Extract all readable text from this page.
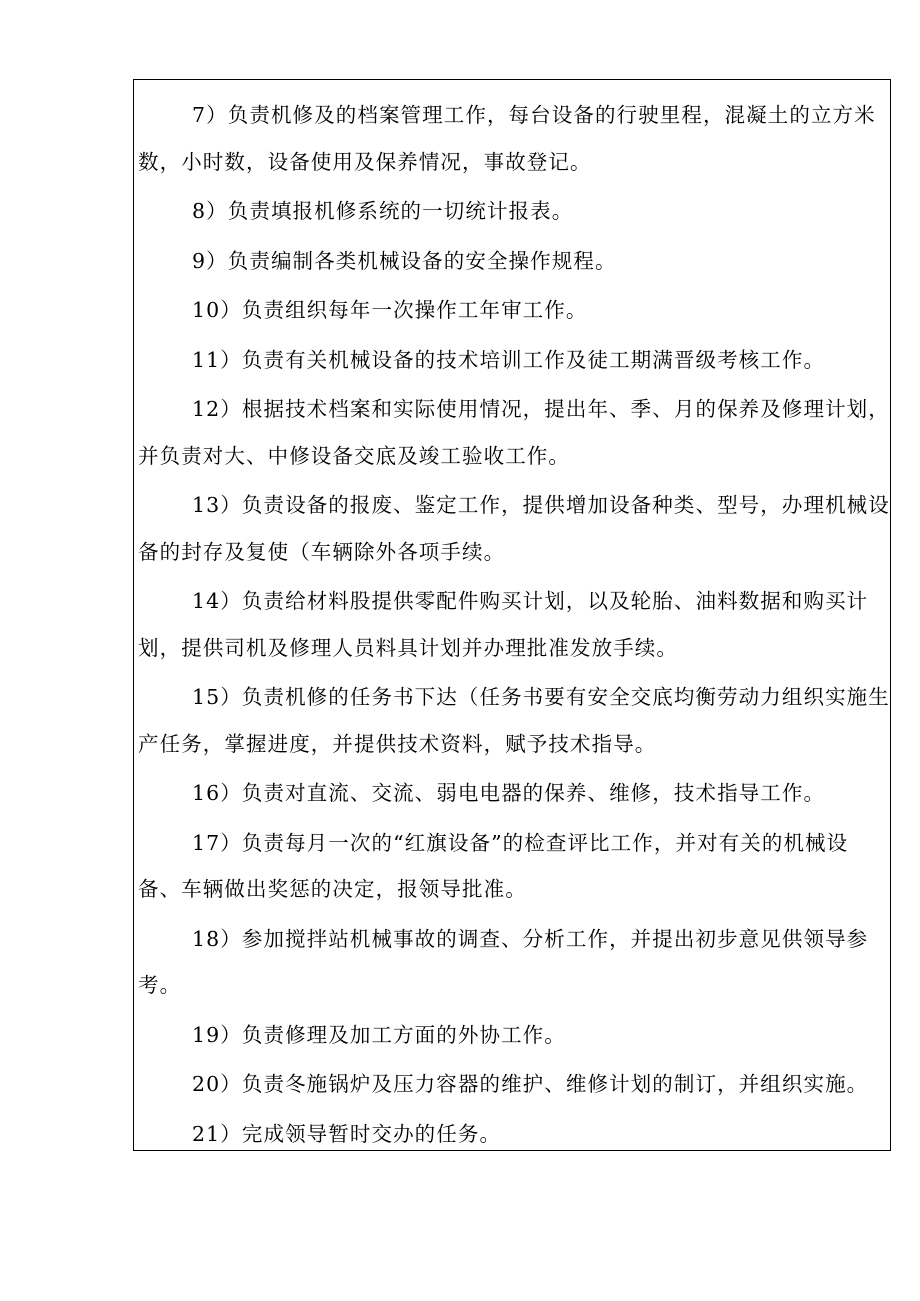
7）负责机修及的档案管理工作，每台设备的行驶里程，混凝土的立方米数，小时数，设备使用及保养情况，事故登记。

8）负责填报机修系统的一切统计报表。

9）负责编制各类机械设备的安全操作规程。

10）负责组织每年一次操作工年审工作。

11）负责有关机械设备的技术培训工作及徒工期满晋级考核工作。

12）根据技术档案和实际使用情况，提出年、季、月的保养及修理计划，并负责对大、中修设备交底及竣工验收工作。

13）负责设备的报废、鉴定工作，提供增加设备种类、型号，办理机械设备的封存及复使（车辆除外各项手续。

14）负责给材料股提供零配件购买计划，以及轮胎、油料数据和购买计划，提供司机及修理人员料具计划并办理批准发放手续。

15）负责机修的任务书下达（任务书要有安全交底均衡劳动力组织实施生产任务，掌握进度，并提供技术资料，赋予技术指导。

16）负责对直流、交流、弱电电器的保养、维修，技术指导工作。

17）负责每月一次的“红旗设备”的检查评比工作，并对有关的机械设备、车辆做出奖惩的决定，报领导批准。

18）参加搅拌站机械事故的调查、分析工作，并提出初步意见供领导参考。

19）负责修理及加工方面的外协工作。

20）负责冬施锅炉及压力容器的维护、维修计划的制订，并组织实施。

21）完成领导暂时交办的任务。
